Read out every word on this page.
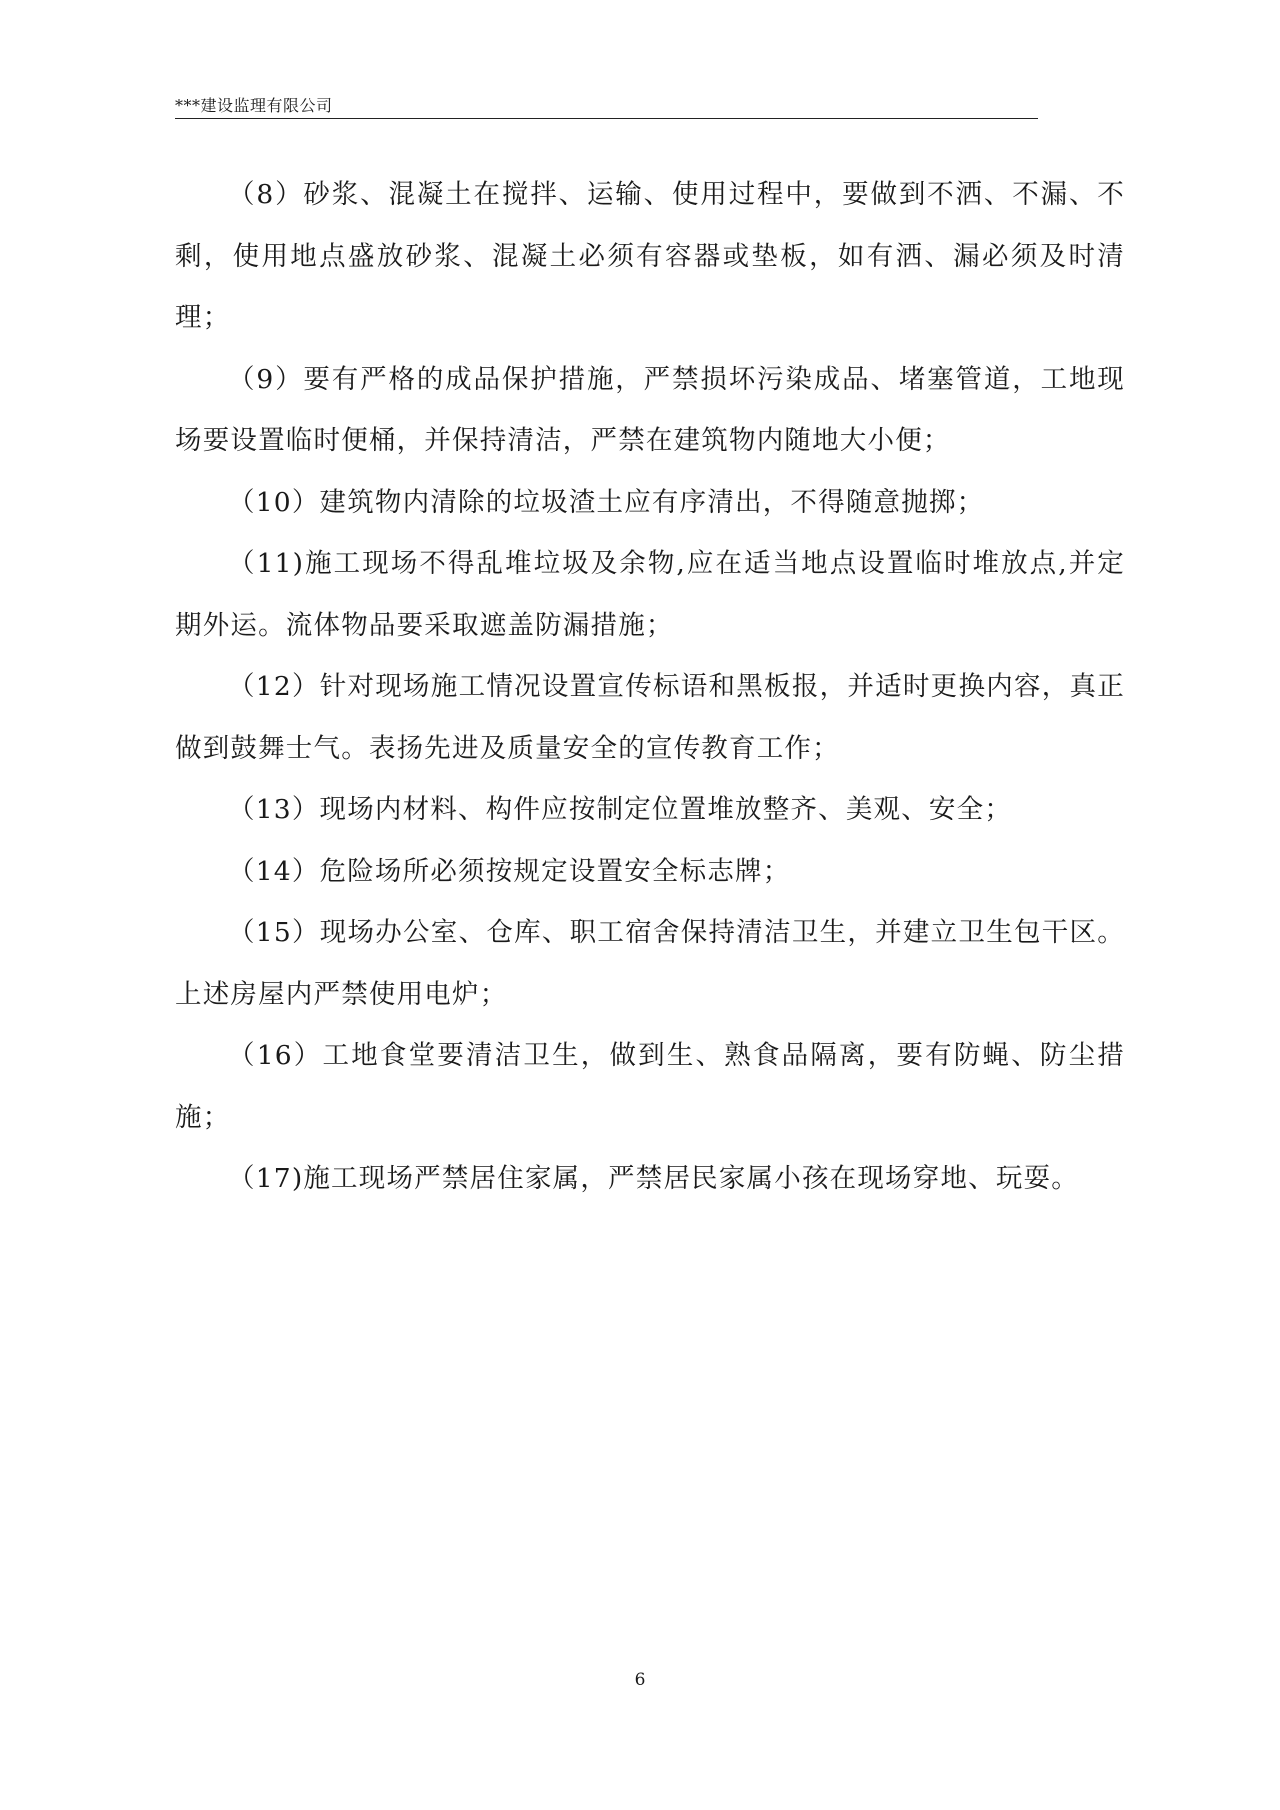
***建设监理有限公司

（8）砂浆、混凝土在搅拌、运输、使用过程中，要做到不洒、不漏、不剩，使用地点盛放砂浆、混凝土必须有容器或垫板，如有洒、漏必须及时清理；

（9）要有严格的成品保护措施，严禁损坏污染成品、堵塞管道，工地现场要设置临时便桶，并保持清洁，严禁在建筑物内随地大小便；

（10）建筑物内清除的垃圾渣土应有序清出，不得随意抛掷；

（11)施工现场不得乱堆垃圾及余物,应在适当地点设置临时堆放点,并定期外运。流体物品要采取遮盖防漏措施；

（12）针对现场施工情况设置宣传标语和黑板报，并适时更换内容，真正做到鼓舞士气。表扬先进及质量安全的宣传教育工作；

（13）现场内材料、构件应按制定位置堆放整齐、美观、安全；

（14）危险场所必须按规定设置安全标志牌；

（15）现场办公室、仓库、职工宿舍保持清洁卫生，并建立卫生包干区。上述房屋内严禁使用电炉；

（16）工地食堂要清洁卫生，做到生、熟食品隔离，要有防蝇、防尘措施；

（17)施工现场严禁居住家属，严禁居民家属小孩在现场穿地、玩耍。

6
